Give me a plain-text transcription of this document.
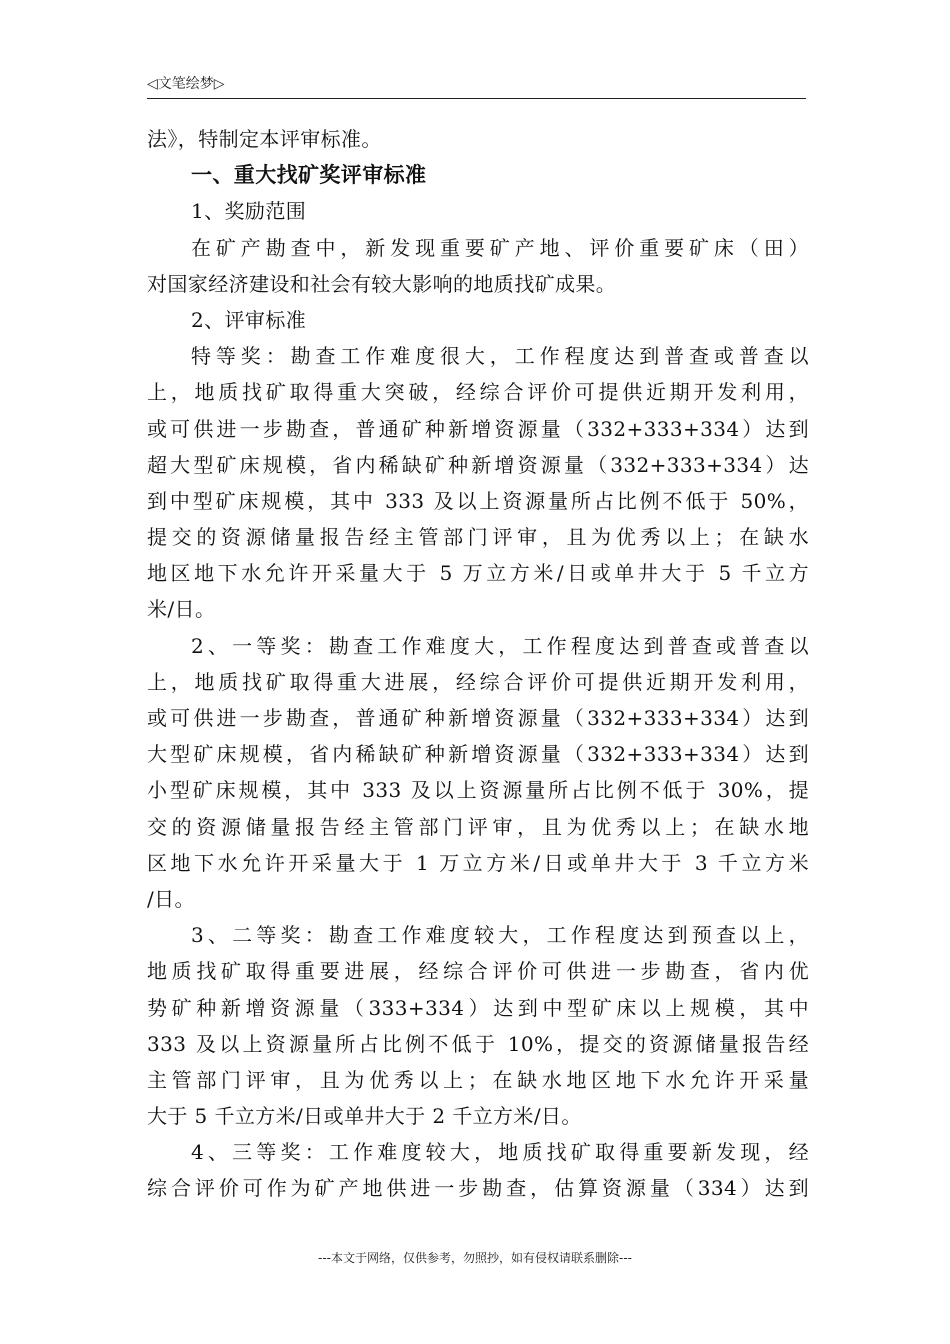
◁文笔绘梦▷
法》，特制定本评审标准。
一、重大找矿奖评审标准
1、奖励范围
在矿产勘查中，新发现重要矿产地、评价重要矿床（田）
对国家经济建设和社会有较大影响的地质找矿成果。
2、评审标准
特等奖：勘查工作难度很大，工作程度达到普查或普查以
上，地质找矿取得重大突破，经综合评价可提供近期开发利用，
或可供进一步勘查，普通矿种新增资源量（332+333+334）达到
超大型矿床规模，省内稀缺矿种新增资源量（332+333+334）达
到中型矿床规模，其中 333 及以上资源量所占比例不低于 50%，
提交的资源储量报告经主管部门评审，且为优秀以上；在缺水
地区地下水允许开采量大于 5 万立方米/日或单井大于 5 千立方
米/日。
2、一等奖：勘查工作难度大，工作程度达到普查或普查以
上，地质找矿取得重大进展，经综合评价可提供近期开发利用，
或可供进一步勘查，普通矿种新增资源量（332+333+334）达到
大型矿床规模，省内稀缺矿种新增资源量（332+333+334）达到
小型矿床规模，其中 333 及以上资源量所占比例不低于 30%，提
交的资源储量报告经主管部门评审，且为优秀以上；在缺水地
区地下水允许开采量大于 1 万立方米/日或单井大于 3 千立方米
/日。
3、二等奖：勘查工作难度较大，工作程度达到预查以上，
地质找矿取得重要进展，经综合评价可供进一步勘查，省内优
势矿种新增资源量（333+334）达到中型矿床以上规模，其中
333 及以上资源量所占比例不低于 10%，提交的资源储量报告经
主管部门评审，且为优秀以上；在缺水地区地下水允许开采量
大于 5 千立方米/日或单井大于 2 千立方米/日。
4、三等奖：工作难度较大，地质找矿取得重要新发现，经
综合评价可作为矿产地供进一步勘查，估算资源量（334）达到
---本文于网络，仅供参考，勿照抄，如有侵权请联系删除---
